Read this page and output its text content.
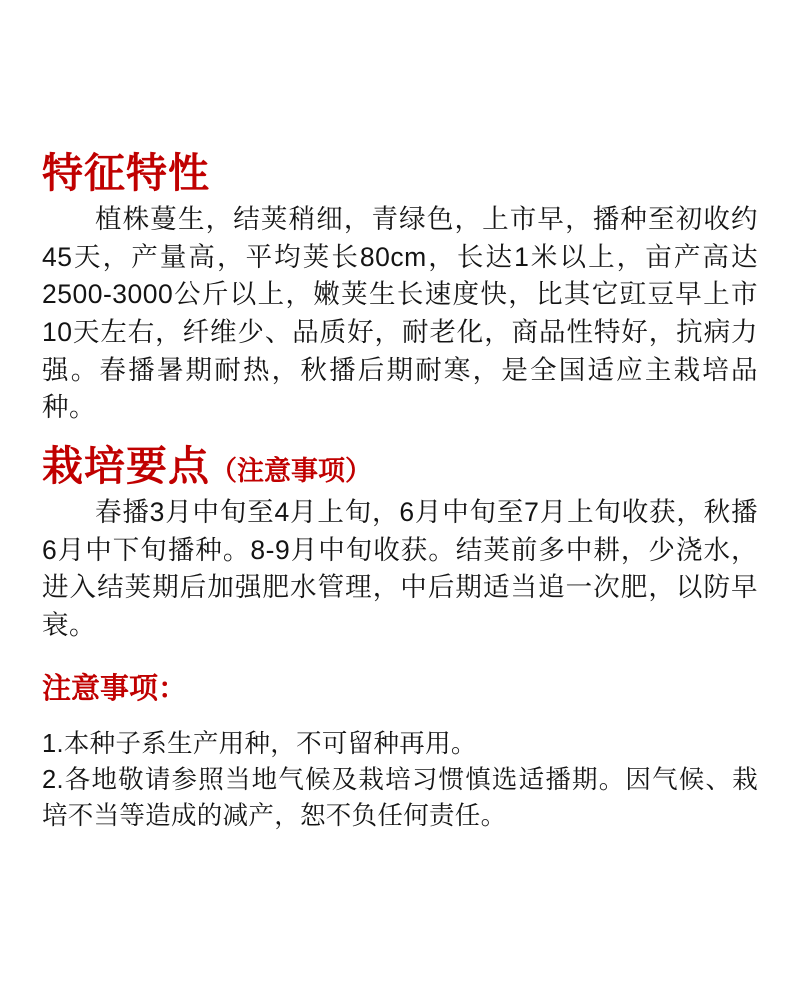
特征特性

植株蔓生，结荚稍细，青绿色，上市早，播种至初收约45天，产量高，平均荚长80cm，长达1米以上，亩产高达2500-3000公斤以上，嫩荚生长速度快，比其它豇豆早上市10天左右，纤维少、品质好，耐老化，商品性特好，抗病力强。春播暑期耐热，秋播后期耐寒，是全国适应主栽培品种。

栽培要点（注意事项）

春播3月中旬至4月上旬，6月中旬至7月上旬收获，秋播6月中下旬播种。8-9月中旬收获。结荚前多中耕，少浇水，进入结荚期后加强肥水管理，中后期适当追一次肥，以防早衰。

注意事项：

1.本种子系生产用种，不可留种再用。

2.各地敬请参照当地气候及栽培习惯慎选适播期。因气候、栽培不当等造成的减产，恕不负任何责任。
